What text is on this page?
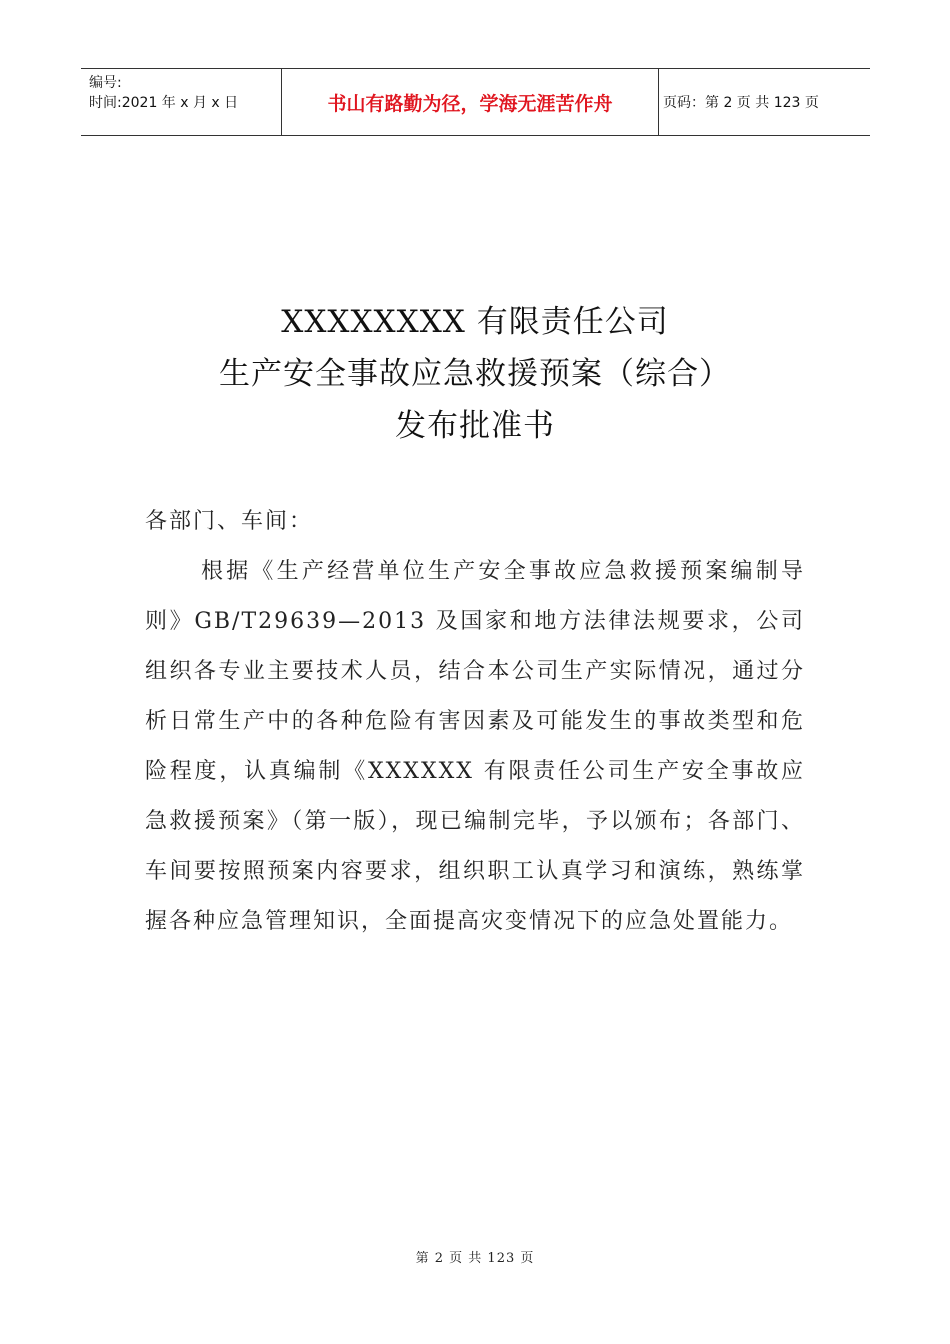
编号:
时间:2021 年 x 月 x 日	书山有路勤为径，学海无涯苦作舟	页码：第 2 页 共 123 页
XXXXXXXX 有限责任公司
生产安全事故应急救援预案（综合）
发布批准书

各部门、车间：

根据《生产经营单位生产安全事故应急救援预案编制导则》GB/T29639—2013 及国家和地方法律法规要求，公司组织各专业主要技术人员，结合本公司生产实际情况，通过分析日常生产中的各种危险有害因素及可能发生的事故类型和危险程度，认真编制《XXXXXX 有限责任公司生产安全事故应急救援预案》（第一版），现已编制完毕，予以颁布；各部门、车间要按照预案内容要求，组织职工认真学习和演练，熟练掌握各种应急管理知识，全面提高灾变情况下的应急处置能力。

第 2 页 共 123 页
